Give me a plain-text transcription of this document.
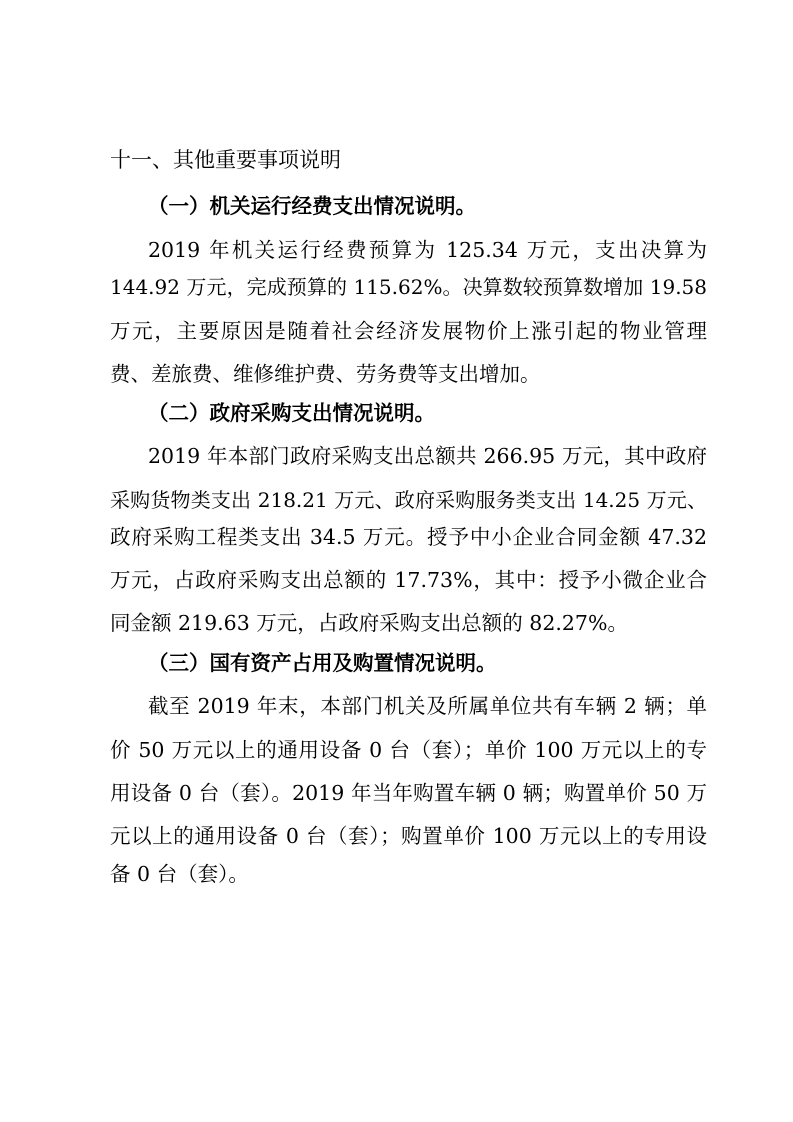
十一、其他重要事项说明
（一）机关运行经费支出情况说明。
2019 年机关运行经费预算为 125.34 万元，支出决算为
144.92 万元，完成预算的 115.62%。决算数较预算数增加 19.58
万元，主要原因是随着社会经济发展物价上涨引起的物业管理
费、差旅费、维修维护费、劳务费等支出增加。
（二）政府采购支出情况说明。
2019 年本部门政府采购支出总额共 266.95 万元，其中政府
采购货物类支出 218.21 万元、政府采购服务类支出 14.25 万元、
政府采购工程类支出 34.5 万元。授予中小企业合同金额 47.32
万元，占政府采购支出总额的 17.73%，其中：授予小微企业合
同金额 219.63 万元，占政府采购支出总额的 82.27%。
（三）国有资产占用及购置情况说明。
截至 2019 年末，本部门机关及所属单位共有车辆 2 辆；单
价 50 万元以上的通用设备 0 台（套）；单价 100 万元以上的专
用设备 0 台（套）。2019 年当年购置车辆 0 辆；购置单价 50 万
元以上的通用设备 0 台（套）；购置单价 100 万元以上的专用设
备 0 台（套）。
